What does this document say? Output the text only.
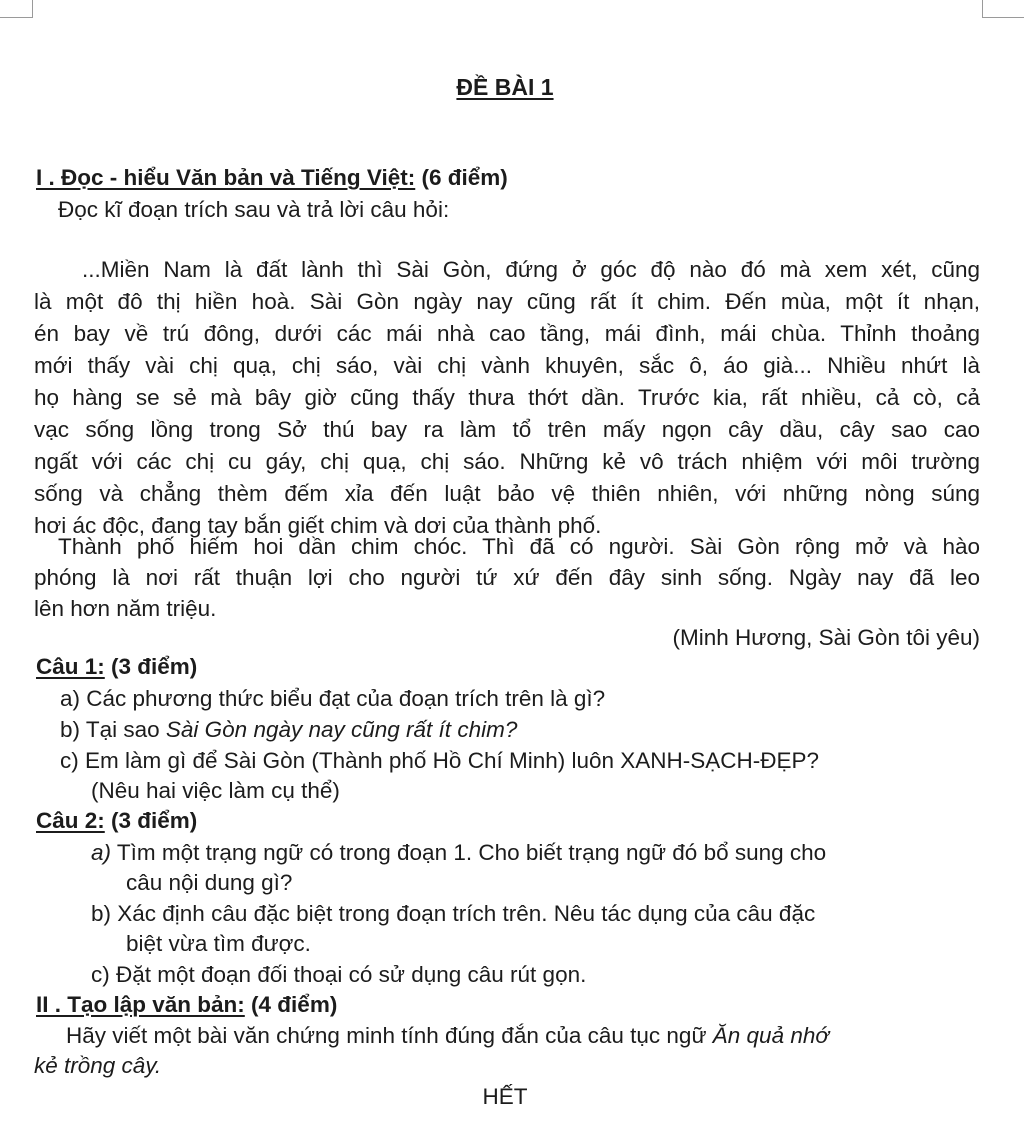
ĐỀ BÀI 1
I . Đọc - hiểu Văn bản và Tiếng Việt: (6 điểm)
Đọc kĩ đoạn trích sau và trả lời câu hỏi:
...Miền Nam là đất lành thì Sài Gòn, đứng ở góc độ nào đó mà xem xét, cũng
là một đô thị hiền hoà. Sài Gòn ngày nay cũng rất ít chim. Đến mùa, một ít nhạn,
én bay về trú đông, dưới các mái nhà cao tầng, mái đình, mái chùa. Thỉnh thoảng
mới thấy vài chị quạ, chị sáo, vài chị vành khuyên, sắc ô, áo già... Nhiều nhứt là
họ hàng se sẻ mà bây giờ cũng thấy thưa thớt dần. Trước kia, rất nhiều, cả cò, cả
vạc sống lồng trong Sở thú bay ra làm tổ trên mấy ngọn cây dầu, cây sao cao
ngất với các chị cu gáy, chị quạ, chị sáo. Những kẻ vô trách nhiệm với môi trường
sống và chẳng thèm đếm xỉa đến luật bảo vệ thiên nhiên, với những nòng súng
hơi ác độc, đang tay bắn giết chim và dơi của thành phố.
Thành phố hiếm hoi dần chim chóc. Thì đã có người. Sài Gòn rộng mở và hào
phóng là nơi rất thuận lợi cho người tứ xứ đến đây sinh sống. Ngày nay đã leo
lên hơn năm triệu.
(Minh Hương, Sài Gòn tôi yêu)
Câu 1: (3 điểm)
a) Các phương thức biểu đạt của đoạn trích trên là gì?
b) Tại sao Sài Gòn ngày nay cũng rất ít chim?
c) Em làm gì để Sài Gòn (Thành phố Hồ Chí Minh) luôn XANH-SẠCH-ĐẸP?
(Nêu hai việc làm cụ thể)
Câu 2: (3 điểm)
a) Tìm một trạng ngữ có trong đoạn 1. Cho biết trạng ngữ đó bổ sung cho
câu nội dung gì?
b) Xác định câu đặc biệt trong đoạn trích trên. Nêu tác dụng của câu đặc
biệt vừa tìm được.
c) Đặt một đoạn đối thoại có sử dụng câu rút gọn.
II . Tạo lập văn bản: (4 điểm)
Hãy viết một bài văn chứng minh tính đúng đắn của câu tục ngữ Ăn quả nhớ
kẻ trồng cây.
HẾT
